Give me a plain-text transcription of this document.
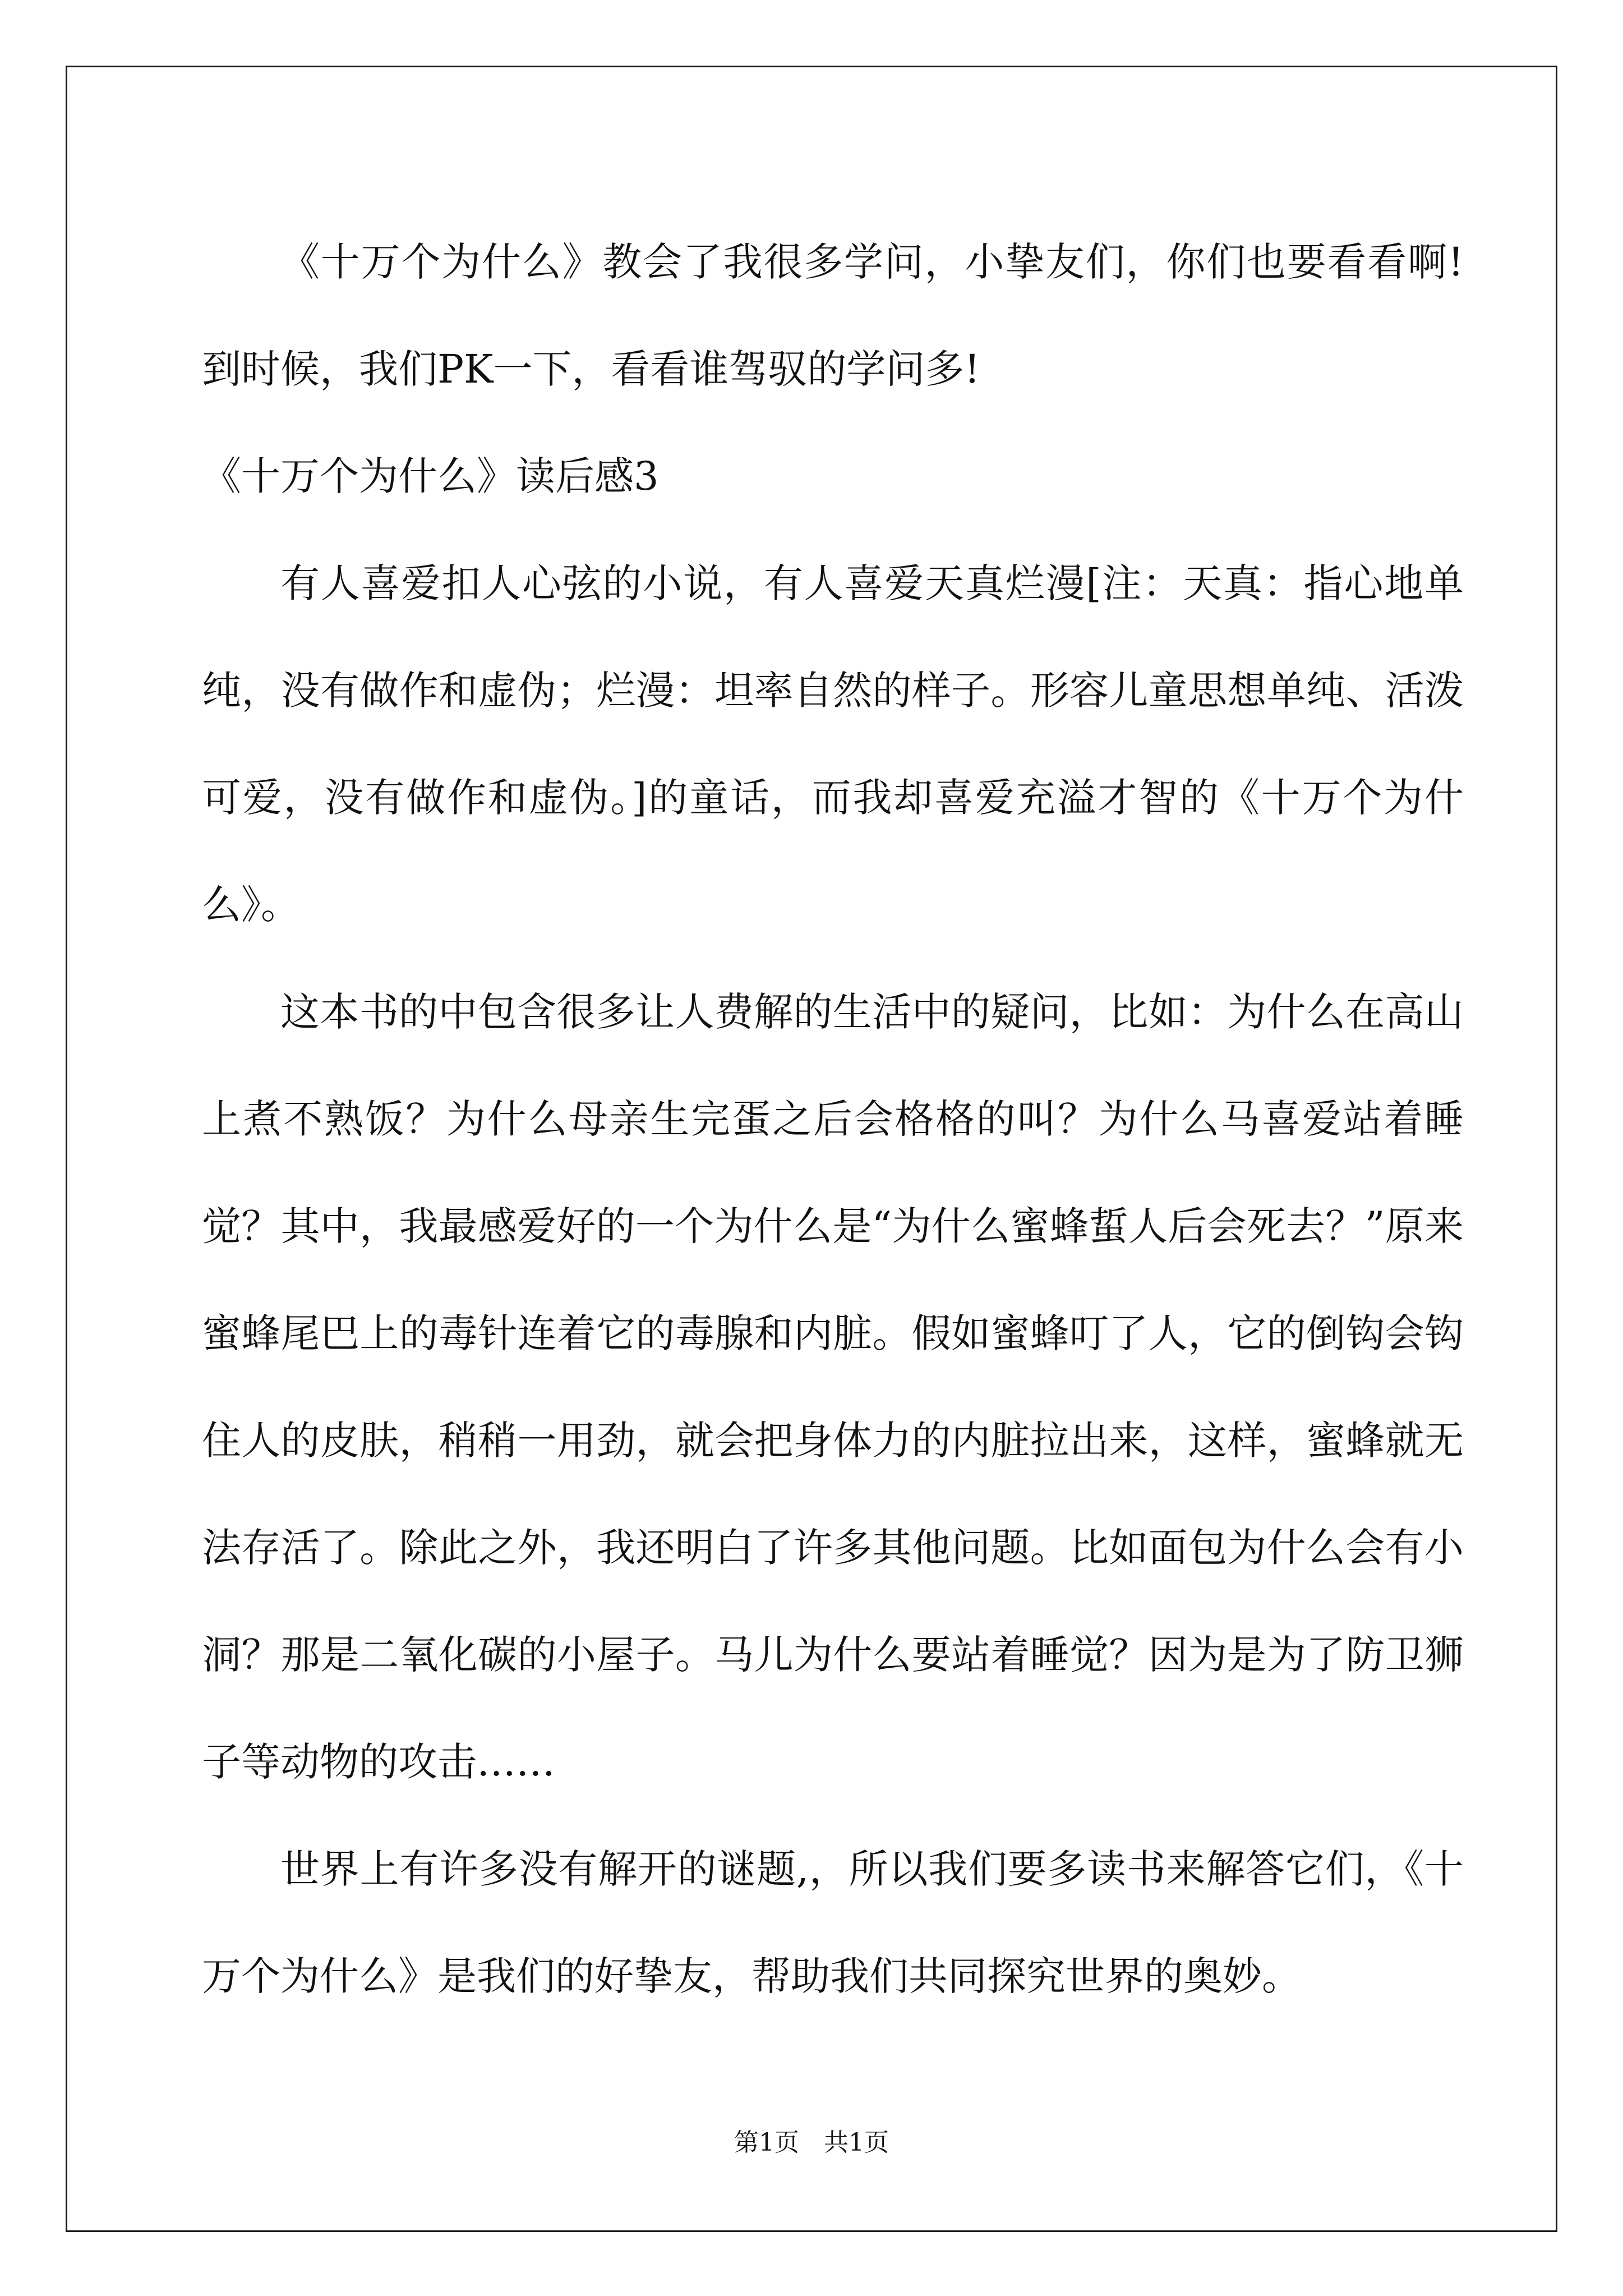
《十万个为什么》教会了我很多学问，小挚友们，你们也要看看啊!到时候，我们PK一下，看看谁驾驭的学问多!

《十万个为什么》读后感3

有人喜爱扣人心弦的小说，有人喜爱天真烂漫[注：天真：指心地单纯，没有做作和虚伪；烂漫：坦率自然的样子。形容儿童思想单纯、活泼可爱，没有做作和虚伪。]的童话，而我却喜爱充溢才智的《十万个为什么》。

这本书的中包含很多让人费解的生活中的疑问，比如：为什么在高山上煮不熟饭？为什么母亲生完蛋之后会格格的叫？为什么马喜爱站着睡觉？其中，我最感爱好的一个为什么是“为什么蜜蜂蜇人后会死去？”原来蜜蜂尾巴上的毒针连着它的毒腺和内脏。假如蜜蜂叮了人，它的倒钩会钩住人的皮肤，稍稍一用劲，就会把身体力的内脏拉出来，这样，蜜蜂就无法存活了。除此之外，我还明白了许多其他问题。比如面包为什么会有小洞？那是二氧化碳的小屋子。马儿为什么要站着睡觉？因为是为了防卫狮子等动物的攻击……

世界上有许多没有解开的谜题,，所以我们要多读书来解答它们，《十万个为什么》是我们的好挚友，帮助我们共同探究世界的奥妙。

第1页　共1页
